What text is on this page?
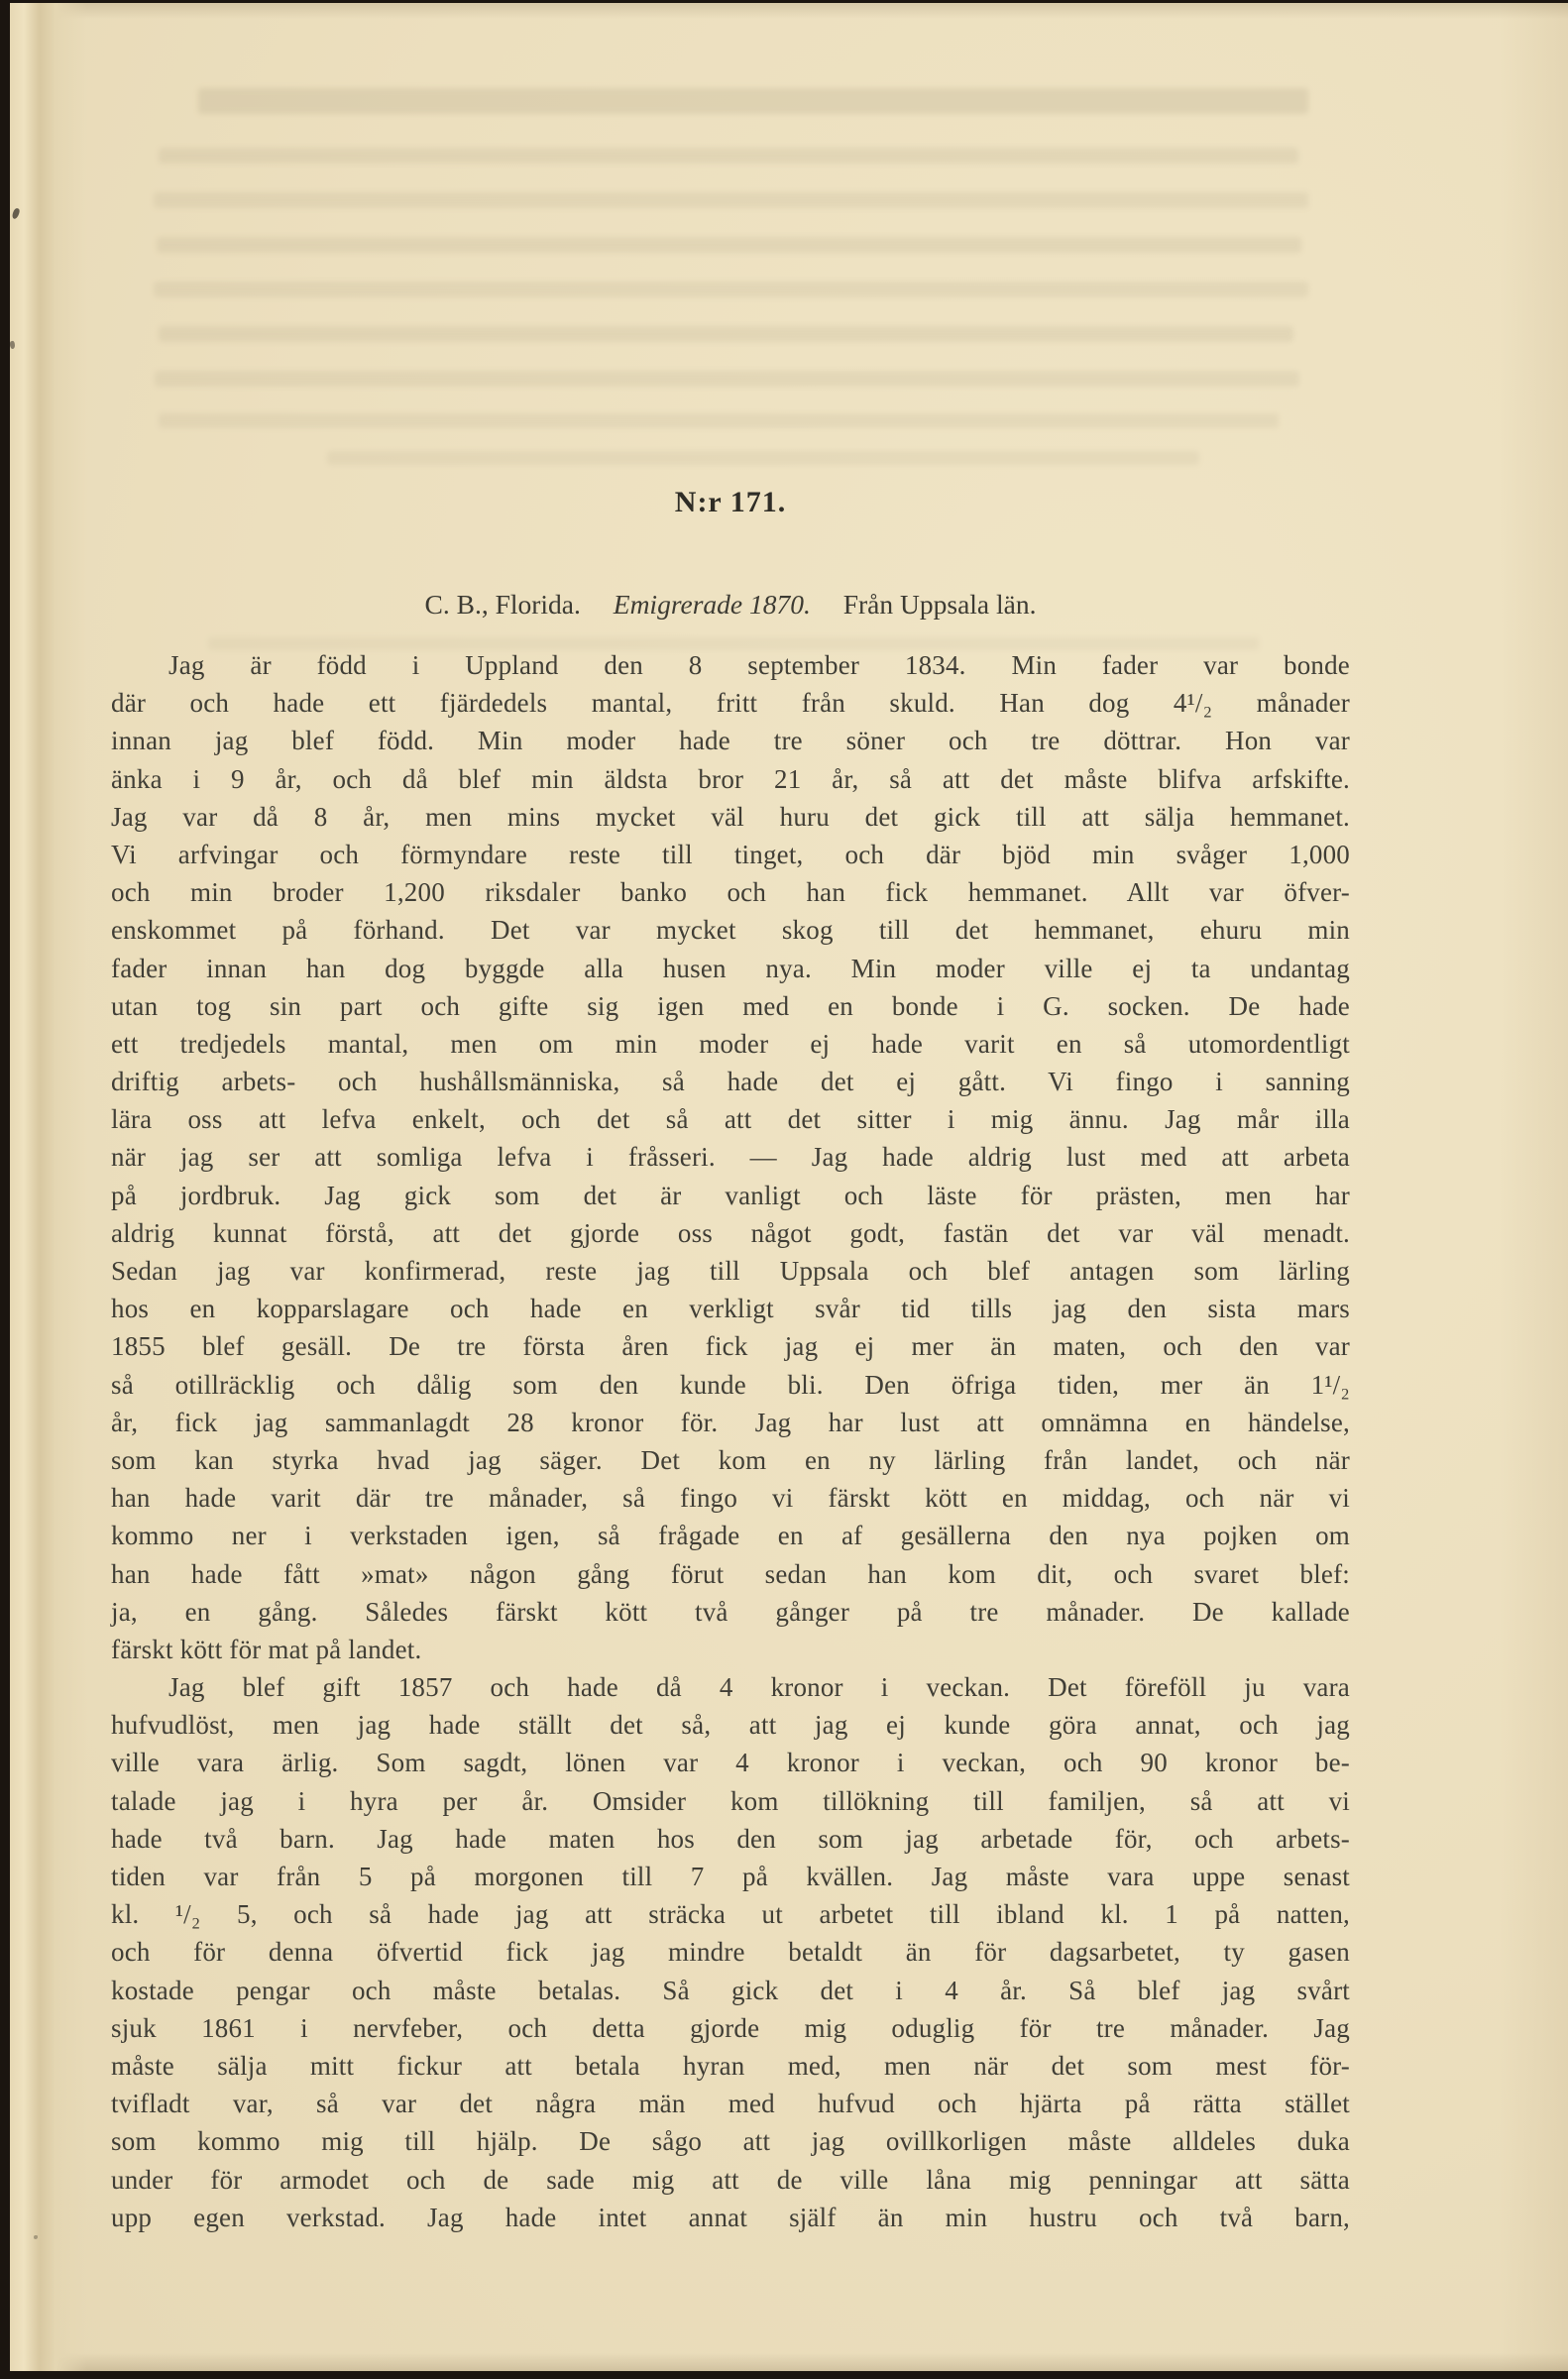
N:r 171.
C. B., Florida. Emigrerade 1870. Från Uppsala län.
Jag är född i Uppland den 8 september 1834. Min fader var bonde
där och hade ett fjärdedels mantal, fritt från skuld. Han dog 4¹/₂ månader
innan jag blef född. Min moder hade tre söner och tre döttrar. Hon var
änka i 9 år, och då blef min äldsta bror 21 år, så att det måste blifva arfskifte.
Jag var då 8 år, men mins mycket väl huru det gick till att sälja hemmanet.
Vi arfvingar och förmyndare reste till tinget, och där bjöd min svåger 1,000
och min broder 1,200 riksdaler banko och han fick hemmanet. Allt var öfver-
enskommet på förhand. Det var mycket skog till det hemmanet, ehuru min
fader innan han dog byggde alla husen nya. Min moder ville ej ta undantag
utan tog sin part och gifte sig igen med en bonde i G. socken. De hade
ett tredjedels mantal, men om min moder ej hade varit en så utomordentligt
driftig arbets- och hushållsmänniska, så hade det ej gått. Vi fingo i sanning
lära oss att lefva enkelt, och det så att det sitter i mig ännu. Jag mår illa
när jag ser att somliga lefva i fråsseri. — Jag hade aldrig lust med att arbeta
på jordbruk. Jag gick som det är vanligt och läste för prästen, men har
aldrig kunnat förstå, att det gjorde oss något godt, fastän det var väl menadt.
Sedan jag var konfirmerad, reste jag till Uppsala och blef antagen som lärling
hos en kopparslagare och hade en verkligt svår tid tills jag den sista mars
1855 blef gesäll. De tre första åren fick jag ej mer än maten, och den var
så otillräcklig och dålig som den kunde bli. Den öfriga tiden, mer än 1¹/₂
år, fick jag sammanlagdt 28 kronor för. Jag har lust att omnämna en händelse,
som kan styrka hvad jag säger. Det kom en ny lärling från landet, och när
han hade varit där tre månader, så fingo vi färskt kött en middag, och när vi
kommo ner i verkstaden igen, så frågade en af gesällerna den nya pojken om
han hade fått »mat» någon gång förut sedan han kom dit, och svaret blef:
ja, en gång. Således färskt kött två gånger på tre månader. De kallade
färskt kött för mat på landet.
Jag blef gift 1857 och hade då 4 kronor i veckan. Det föreföll ju vara
hufvudlöst, men jag hade ställt det så, att jag ej kunde göra annat, och jag
ville vara ärlig. Som sagdt, lönen var 4 kronor i veckan, och 90 kronor be-
talade jag i hyra per år. Omsider kom tillökning till familjen, så att vi
hade två barn. Jag hade maten hos den som jag arbetade för, och arbets-
tiden var från 5 på morgonen till 7 på kvällen. Jag måste vara uppe senast
kl. ¹/₂ 5, och så hade jag att sträcka ut arbetet till ibland kl. 1 på natten,
och för denna öfvertid fick jag mindre betaldt än för dagsarbetet, ty gasen
kostade pengar och måste betalas. Så gick det i 4 år. Så blef jag svårt
sjuk 1861 i nervfeber, och detta gjorde mig oduglig för tre månader. Jag
måste sälja mitt fickur att betala hyran med, men när det som mest för-
tvifladt var, så var det några män med hufvud och hjärta på rätta stället
som kommo mig till hjälp. De sågo att jag ovillkorligen måste alldeles duka
under för armodet och de sade mig att de ville låna mig penningar att sätta
upp egen verkstad. Jag hade intet annat själf än min hustru och två barn,
